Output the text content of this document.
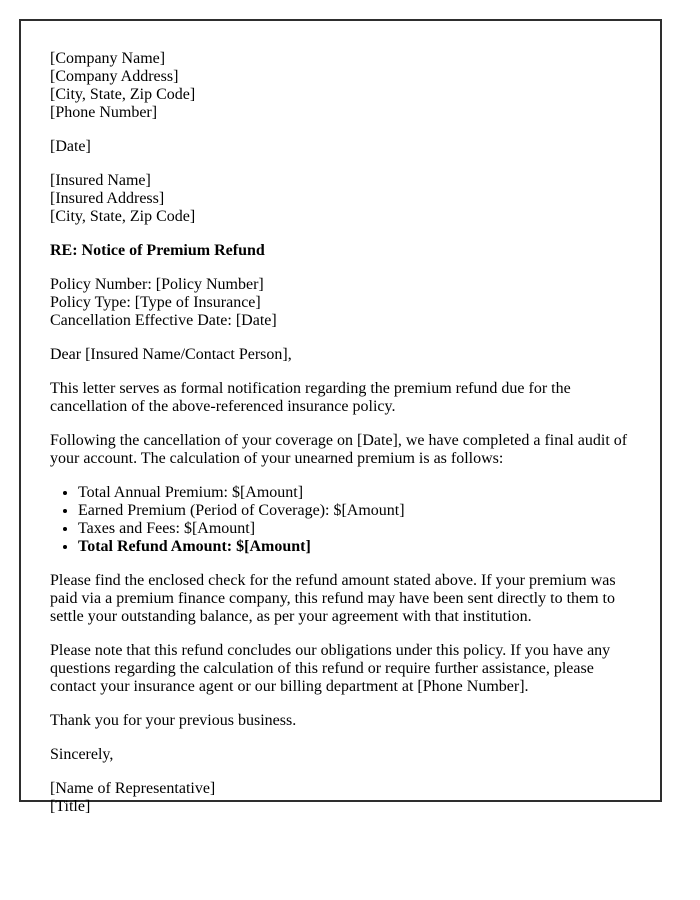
[Company Name]
[Company Address]
[City, State, Zip Code]
[Phone Number]

[Date]

[Insured Name]
[Insured Address]
[City, State, Zip Code]

RE: Notice of Premium Refund

Policy Number: [Policy Number]
Policy Type: [Type of Insurance]
Cancellation Effective Date: [Date]

Dear [Insured Name/Contact Person],

This letter serves as formal notification regarding the premium refund due for the
cancellation of the above-referenced insurance policy.
Following the cancellation of your coverage on [Date], we have completed a final audit of
your account. The calculation of your unearned premium is as follows:
• Total Annual Premium: $[Amount]
• Earned Premium (Period of Coverage): $[Amount]
• Taxes and Fees: $[Amount]
• Total Refund Amount: $[Amount]
Please find the enclosed check for the refund amount stated above. If your premium was
paid via a premium finance company, this refund may have been sent directly to them to
settle your outstanding balance, as per your agreement with that institution.
Please note that this refund concludes our obligations under this policy. If you have any
questions regarding the calculation of this refund or require further assistance, please
contact your insurance agent or our billing department at [Phone Number].

Thank you for your previous business.

Sincerely,

[Name of Representative]
[Title]
